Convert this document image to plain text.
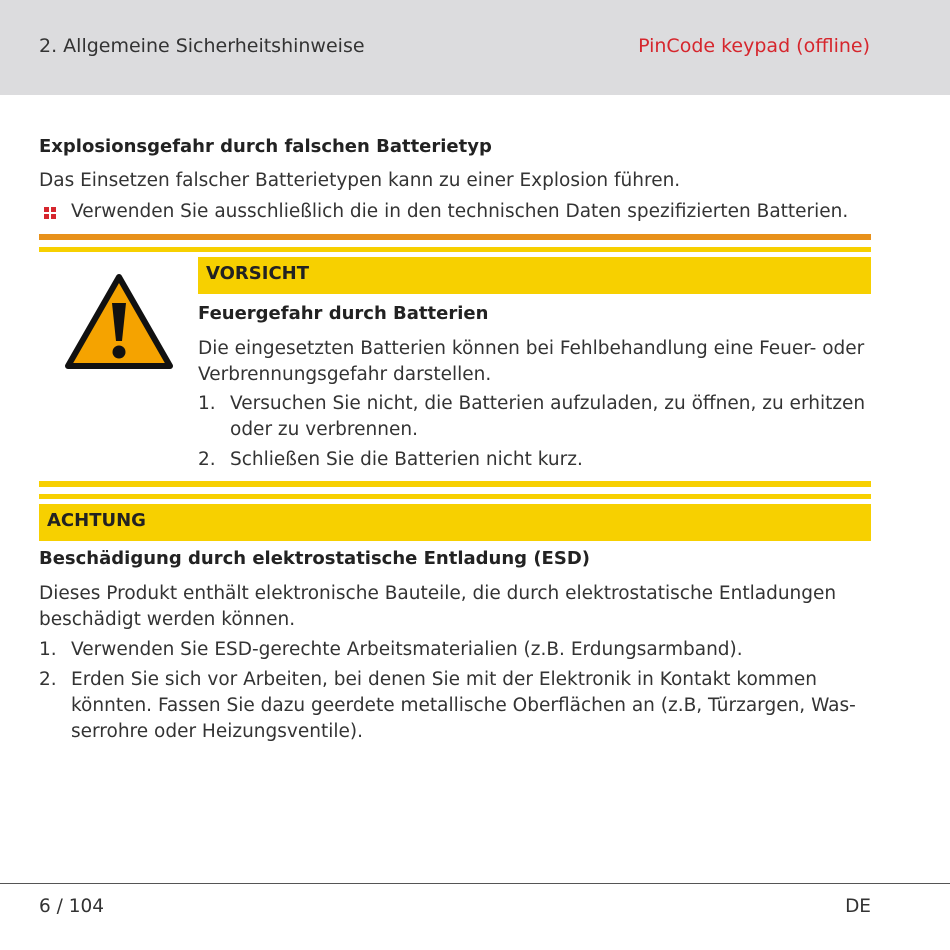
2. Allgemeine Sicherheitshinweise	PinCode keypad (offline)
Explosionsgefahr durch falschen Batterietyp
Das Einsetzen falscher Batterietypen kann zu einer Explosion führen.
Verwenden Sie ausschließlich die in den technischen Daten spezifizierten Batterien.
VORSICHT
Feuergefahr durch Batterien
Die eingesetzten Batterien können bei Fehlbehandlung eine Feuer- oder
Verbrennungsgefahr darstellen.
1. Versuchen Sie nicht, die Batterien aufzuladen, zu öffnen, zu erhitzen
oder zu verbrennen.
2. Schließen Sie die Batterien nicht kurz.
ACHTUNG
Beschädigung durch elektrostatische Entladung (ESD)
Dieses Produkt enthält elektronische Bauteile, die durch elektrostatische Entladungen
beschädigt werden können.
1. Verwenden Sie ESD-gerechte Arbeitsmaterialien (z.B. Erdungsarmband).
2. Erden Sie sich vor Arbeiten, bei denen Sie mit der Elektronik in Kontakt kommen
könnten. Fassen Sie dazu geerdete metallische Oberflächen an (z.B, Türzargen, Was-
serrohre oder Heizungsventile).
6 / 104	DE
